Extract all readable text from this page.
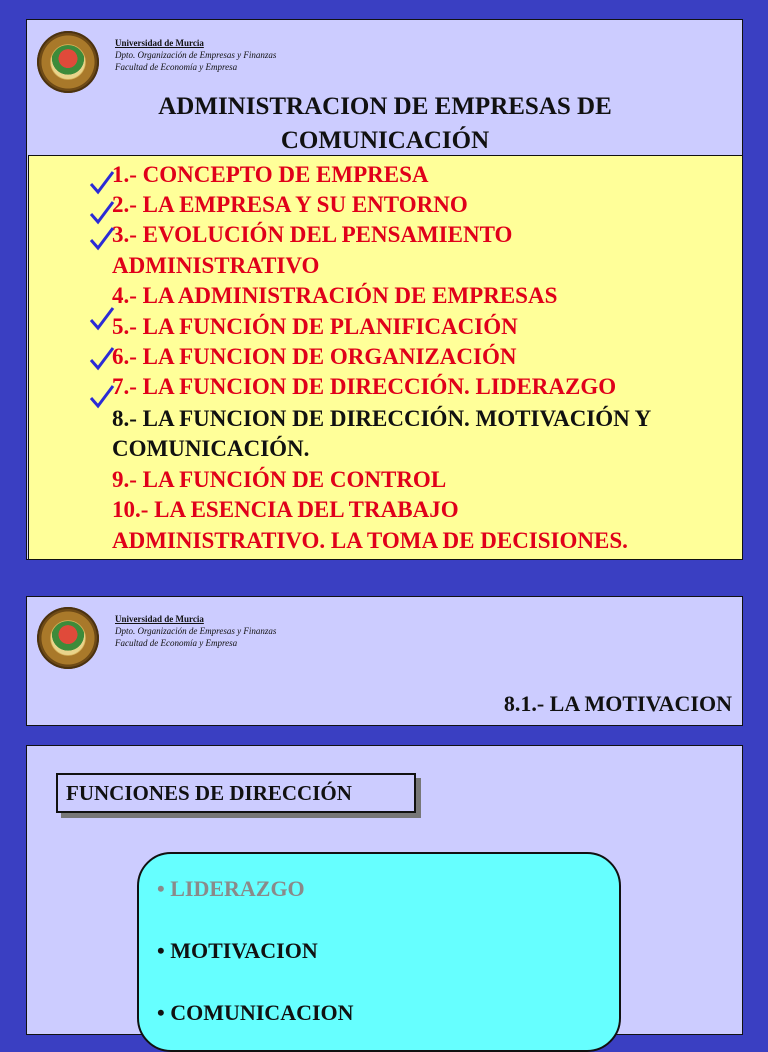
Universidad de Murcia
Dpto. Organización de Empresas y Finanzas
Facultad de Economía y Empresa
ADMINISTRACION DE EMPRESAS DE
COMUNICACIÓN
1.- CONCEPTO DE EMPRESA
2.- LA EMPRESA Y SU ENTORNO
3.- EVOLUCIÓN DEL PENSAMIENTO
ADMINISTRATIVO
4.- LA ADMINISTRACIÓN DE EMPRESAS
5.- LA FUNCIÓN DE PLANIFICACIÓN
6.- LA FUNCION DE ORGANIZACIÓN
7.- LA FUNCION DE DIRECCIÓN. LIDERAZGO
8.- LA FUNCION DE DIRECCIÓN. MOTIVACIÓN Y
COMUNICACIÓN.
9.- LA FUNCIÓN DE CONTROL
10.- LA ESENCIA DEL TRABAJO
ADMINISTRATIVO. LA TOMA DE DECISIONES.
Universidad de Murcia
Dpto. Organización de Empresas y Finanzas
Facultad de Economía y Empresa
8.1.- LA MOTIVACION
FUNCIONES DE DIRECCIÓN
• LIDERAZGO
• MOTIVACION
• COMUNICACION
